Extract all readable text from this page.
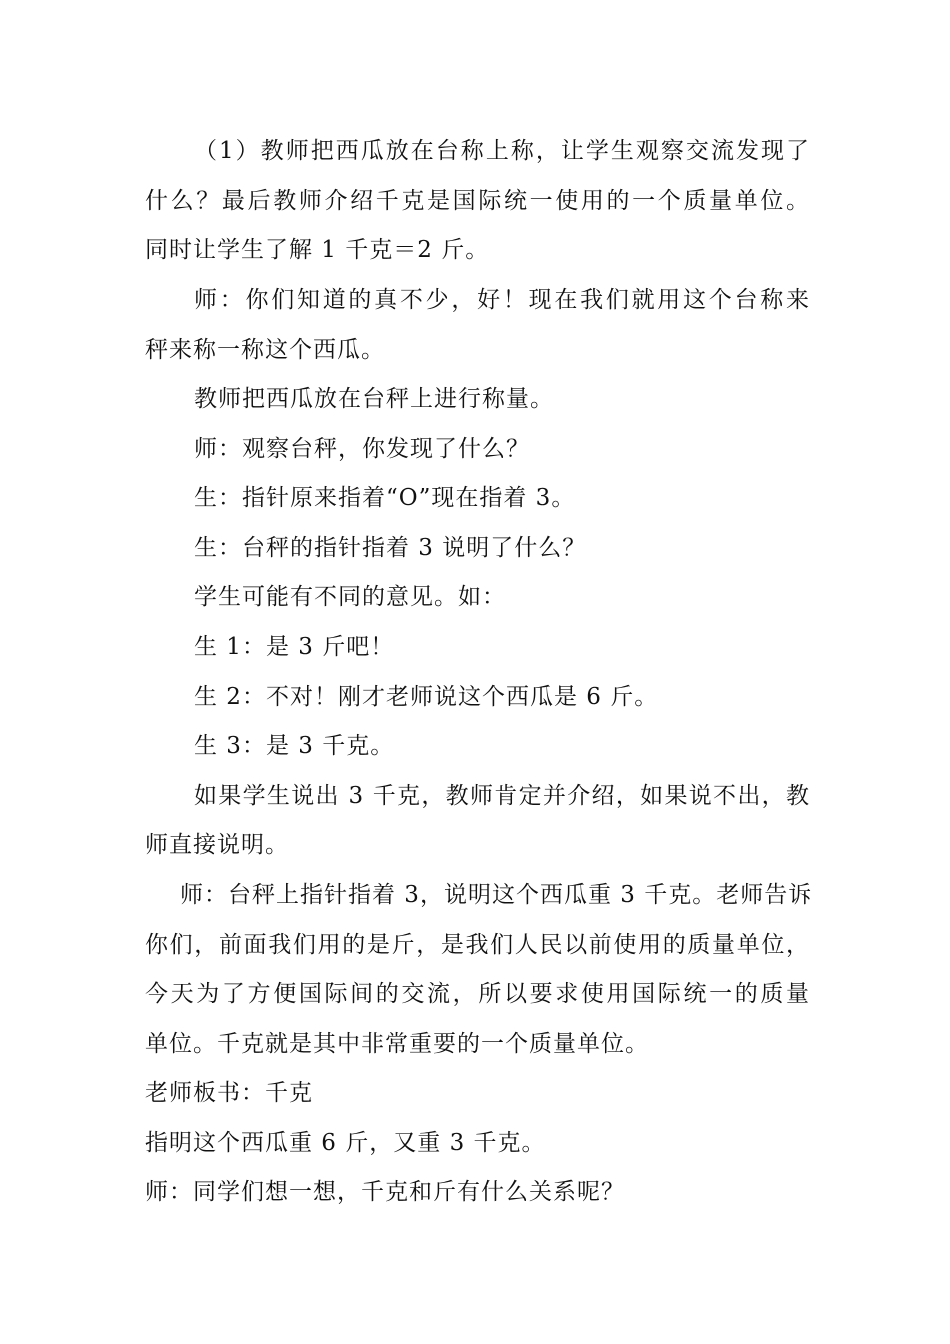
（1）教师把西瓜放在台称上称，让学生观察交流发现了
什么？最后教师介绍千克是国际统一使用的一个质量单位。
同时让学生了解 1 千克＝2 斤。
师：你们知道的真不少，好！现在我们就用这个台称来
秤来称一称这个西瓜。
教师把西瓜放在台秤上进行称量。
师：观察台秤，你发现了什么？
生：指针原来指着“O”现在指着 3。
生：台秤的指针指着 3 说明了什么？
学生可能有不同的意见。如：
生 1：是 3 斤吧！
生 2：不对！刚才老师说这个西瓜是 6 斤。
生 3：是 3 千克。
如果学生说出 3 千克，教师肯定并介绍，如果说不出，教
师直接说明。
师：台秤上指针指着 3，说明这个西瓜重 3 千克。老师告诉
你们，前面我们用的是斤，是我们人民以前使用的质量单位，
今天为了方便国际间的交流，所以要求使用国际统一的质量
单位。千克就是其中非常重要的一个质量单位。
老师板书：千克
指明这个西瓜重 6 斤，又重 3 千克。
师：同学们想一想，千克和斤有什么关系呢？
